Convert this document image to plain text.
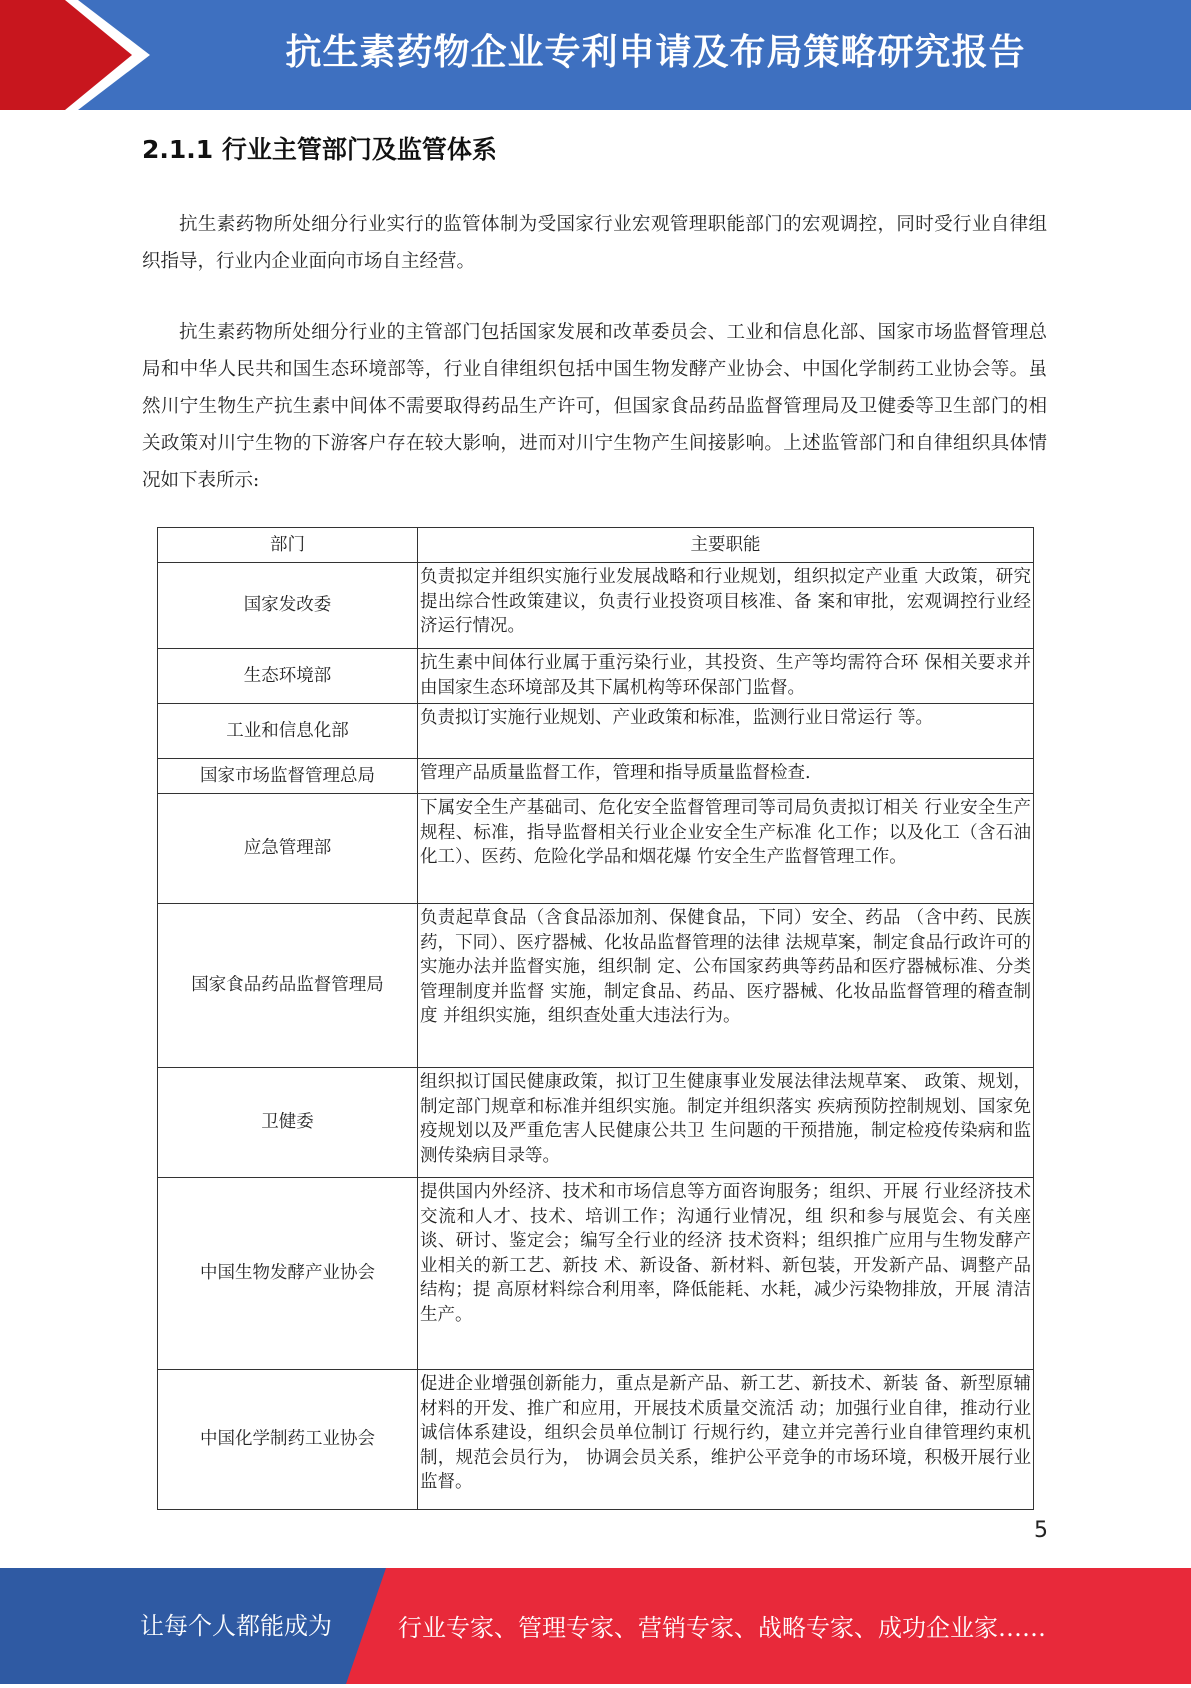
抗生素药物企业专利申请及布局策略研究报告
2.1.1 行业主管部门及监管体系
抗生素药物所处细分行业实行的监管体制为受国家行业宏观管理职能部门的宏观调控，同时受行业自律组织指导，行业内企业面向市场自主经营。
抗生素药物所处细分行业的主管部门包括国家发展和改革委员会、工业和信息化部、国家市场监督管理总局和中华人民共和国生态环境部等，行业自律组织包括中国生物发酵产业协会、中国化学制药工业协会等。虽然川宁生物生产抗生素中间体不需要取得药品生产许可，但国家食品药品监督管理局及卫健委等卫生部门的相关政策对川宁生物的下游客户存在较大影响，进而对川宁生物产生间接影响。上述监管部门和自律组织具体情况如下表所示:
部门	主要职能
国家发改委	负责拟定并组织实施行业发展战略和行业规划，组织拟定产业重 大政策，研究提出综合性政策建议，负责行业投资项目核准、备 案和审批，宏观调控行业经济运行情况。
生态环境部	抗生素中间体行业属于重污染行业，其投资、生产等均需符合环 保相关要求并由国家生态环境部及其下属机构等环保部门监督。
工业和信息化部	负责拟订实施行业规划、产业政策和标准，监测行业日常运行 等。
国家市场监督管理总局	管理产品质量监督工作，管理和指导质量监督检查.
应急管理部	下属安全生产基础司、危化安全监督管理司等司局负责拟订相关 行业安全生产规程、标准，指导监督相关行业企业安全生产标准 化工作；以及化工（含石油化工）、医药、危险化学品和烟花爆 竹安全生产监督管理工作。
国家食品药品监督管理局	负责起草食品（含食品添加剂、保健食品，下同）安全、药品 （含中药、民族药，下同）、医疗器械、化妆品监督管理的法律 法规草案，制定食品行政许可的实施办法并监督实施，组织制 定、公布国家药典等药品和医疗器械标准、分类管理制度并监督 实施，制定食品、药品、医疗器械、化妆品监督管理的稽查制度 并组织实施，组织查处重大违法行为。
卫健委	组织拟订国民健康政策，拟订卫生健康事业发展法律法规草案、 政策、规划，制定部门规章和标准并组织实施。制定并组织落实 疾病预防控制规划、国家免疫规划以及严重危害人民健康公共卫 生问题的干预措施，制定检疫传染病和监测传染病目录等。
中国生物发酵产业协会	提供国内外经济、技术和市场信息等方面咨询服务；组织、开展 行业经济技术交流和人才、技术、培训工作；沟通行业情况，组 织和参与展览会、有关座谈、研讨、鉴定会；编写全行业的经济 技术资料；组织推广应用与生物发酵产业相关的新工艺、新技 术、新设备、新材料、新包装，开发新产品、调整产品结构；提 高原材料综合利用率，降低能耗、水耗，减少污染物排放，开展 清洁生产。
中国化学制药工业协会	促进企业增强创新能力，重点是新产品、新工艺、新技术、新装 备、新型原辅材料的开发、推广和应用，开展技术质量交流活 动；加强行业自律，推动行业诚信体系建设，组织会员单位制订 行规行约，建立并完善行业自律管理约束机制，规范会员行为， 协调会员关系，维护公平竞争的市场环境，积极开展行业监督。
5
让每个人都能成为	行业专家、管理专家、营销专家、战略专家、成功企业家……
